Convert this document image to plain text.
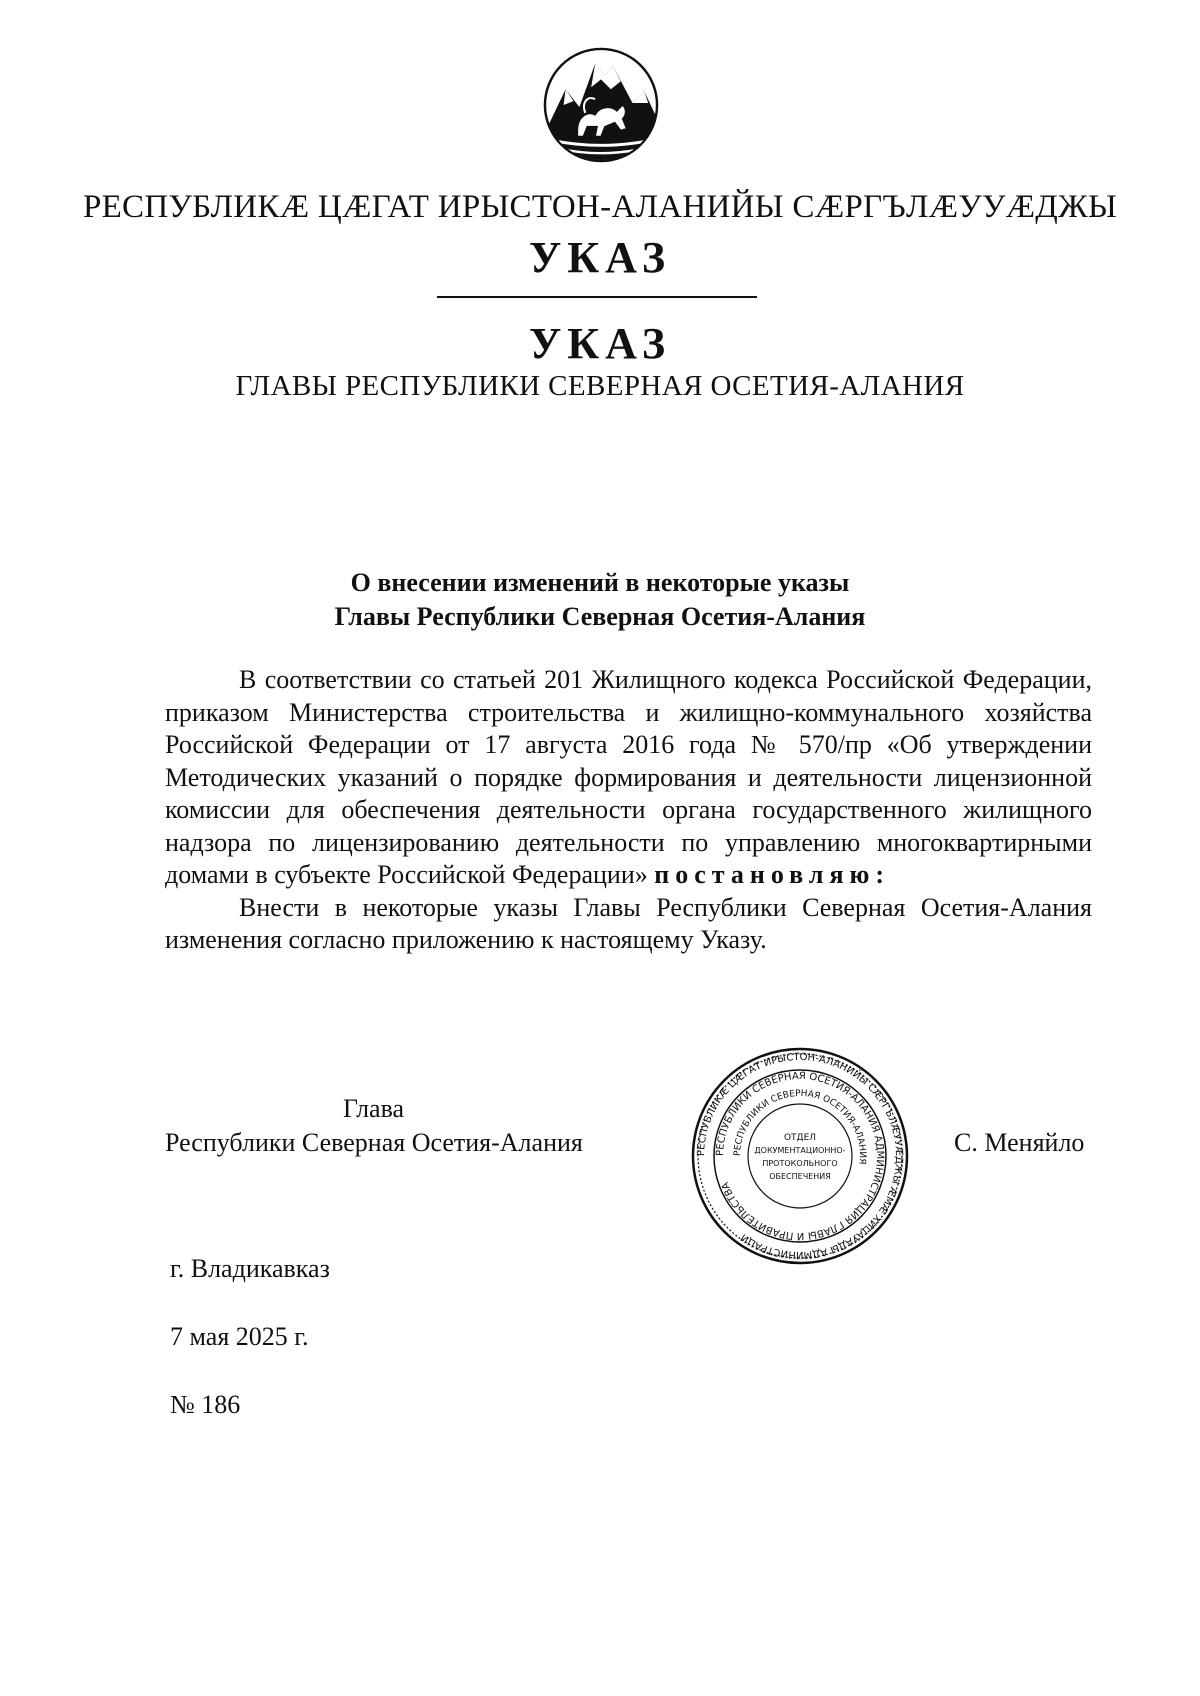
РЕСПУБЛИКӔ ЦӔГАТ ИРЫСТОН-АЛАНИЙЫ СӔРГЪЛӔУУӔДЖЫ
УКАЗ
УКАЗ
ГЛАВЫ РЕСПУБЛИКИ СЕВЕРНАЯ ОСЕТИЯ-АЛАНИЯ
О внесении изменений в некоторые указы
Главы Республики Северная Осетия-Алания

В соответствии со статьей 201 Жилищного кодекса Российской Федерации, приказом Министерства строительства и жилищно-коммунального хозяйства Российской Федерации от 17 августа 2016 года № 570/пр «Об утверждении Методических указаний о порядке формирования и деятельности лицензионной комиссии для обеспечения деятельности органа государственного жилищного надзора по лицензированию деятельности по управлению многоквартирными домами в субъекте Российской Федерации» постановляю:

Внести в некоторые указы Главы Республики Северная Осетия-Алания изменения согласно приложению к настоящему Указу.

Глава
Республики Северная Осетия-Алания	С. Меняйло
РЕСПУБЛИКӔ ЦӔГАТ ИРЫСТОН-АЛАНИЙЫ СӔРГЪЛӔУУӔДЖЫ ӔМӔ ХИЦАУАДЫ АДМИНИСТРАЦИ
РЕСПУБЛИКИ СЕВЕРНАЯ ОСЕТИЯ-АЛАНИЯ АДМИНИСТРАЦИЯ ГЛАВЫ И ПРАВИТЕЛЬСТВА
РЕСПУБЛИКИ СЕВЕРНАЯ ОСЕТИЯ-АЛАНИЯ
ОТДЕЛ
ДОКУМЕНТАЦИОННО-
ПРОТОКОЛЬНОГО
ОБЕСПЕЧЕНИЯ
г. Владикавказ
7 мая 2025 г.
№ 186
